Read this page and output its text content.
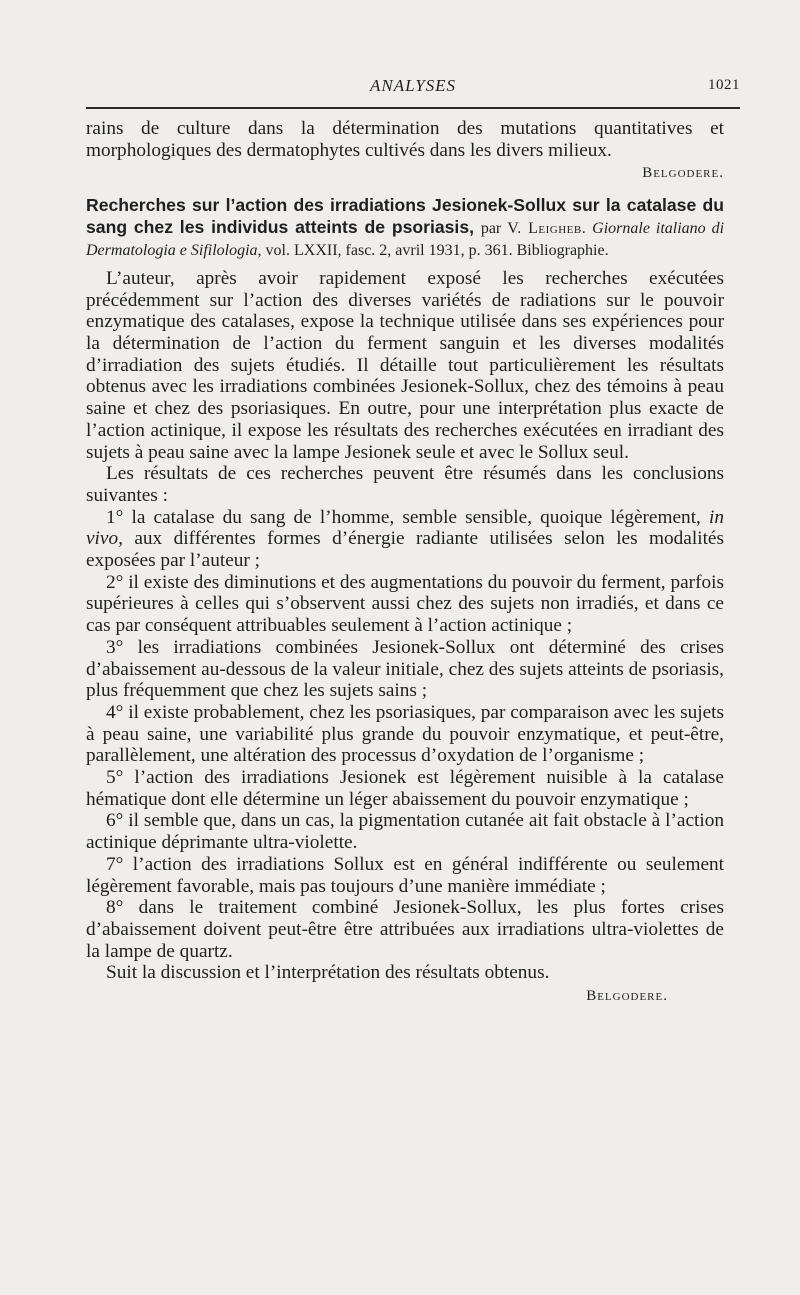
ANALYSES	1021

rains de culture dans la détermination des mutations quantitatives et morphologiques des dermatophytes cultivés dans les divers milieux.

Belgodere.

Recherches sur l’action des irradiations Jesionek-Sollux sur la catalase du sang chez les individus atteints de psoriasis, par V. Leigheb. Giornale italiano di Dermatologia e Sifilologia, vol. LXXII, fasc. 2, avril 1931, p. 361. Bibliographie.

L’auteur, après avoir rapidement exposé les recherches exécutées précédemment sur l’action des diverses variétés de radiations sur le pouvoir enzymatique des catalases, expose la technique utilisée dans ses expériences pour la détermination de l’action du ferment sanguin et les diverses modalités d’irradiation des sujets étudiés. Il détaille tout particulièrement les résultats obtenus avec les irradiations combinées Jesionek-Sollux, chez des témoins à peau saine et chez des psoriasiques. En outre, pour une interprétation plus exacte de l’action actinique, il expose les résultats des recherches exécutées en irradiant des sujets à peau saine avec la lampe Jesionek seule et avec le Sollux seul.

Les résultats de ces recherches peuvent être résumés dans les conclusions suivantes :

1° la catalase du sang de l’homme, semble sensible, quoique légèrement, in vivo, aux différentes formes d’énergie radiante utilisées selon les modalités exposées par l’auteur ;

2° il existe des diminutions et des augmentations du pouvoir du ferment, parfois supérieures à celles qui s’observent aussi chez des sujets non irradiés, et dans ce cas par conséquent attribuables seulement à l’action actinique ;

3° les irradiations combinées Jesionek-Sollux ont déterminé des crises d’abaissement au-dessous de la valeur initiale, chez des sujets atteints de psoriasis, plus fréquemment que chez les sujets sains ;

4° il existe probablement, chez les psoriasiques, par comparaison avec les sujets à peau saine, une variabilité plus grande du pouvoir enzymatique, et peut-être, parallèlement, une altération des processus d’oxydation de l’organisme ;

5° l’action des irradiations Jesionek est légèrement nuisible à la catalase hématique dont elle détermine un léger abaissement du pouvoir enzymatique ;

6° il semble que, dans un cas, la pigmentation cutanée ait fait obstacle à l’action actinique déprimante ultra-violette.

7° l’action des irradiations Sollux est en général indifférente ou seulement légèrement favorable, mais pas toujours d’une manière immédiate ;

8° dans le traitement combiné Jesionek-Sollux, les plus fortes crises d’abaissement doivent peut-être être attribuées aux irradiations ultra-violettes de la lampe de quartz.

Suit la discussion et l’interprétation des résultats obtenus.

Belgodere.
